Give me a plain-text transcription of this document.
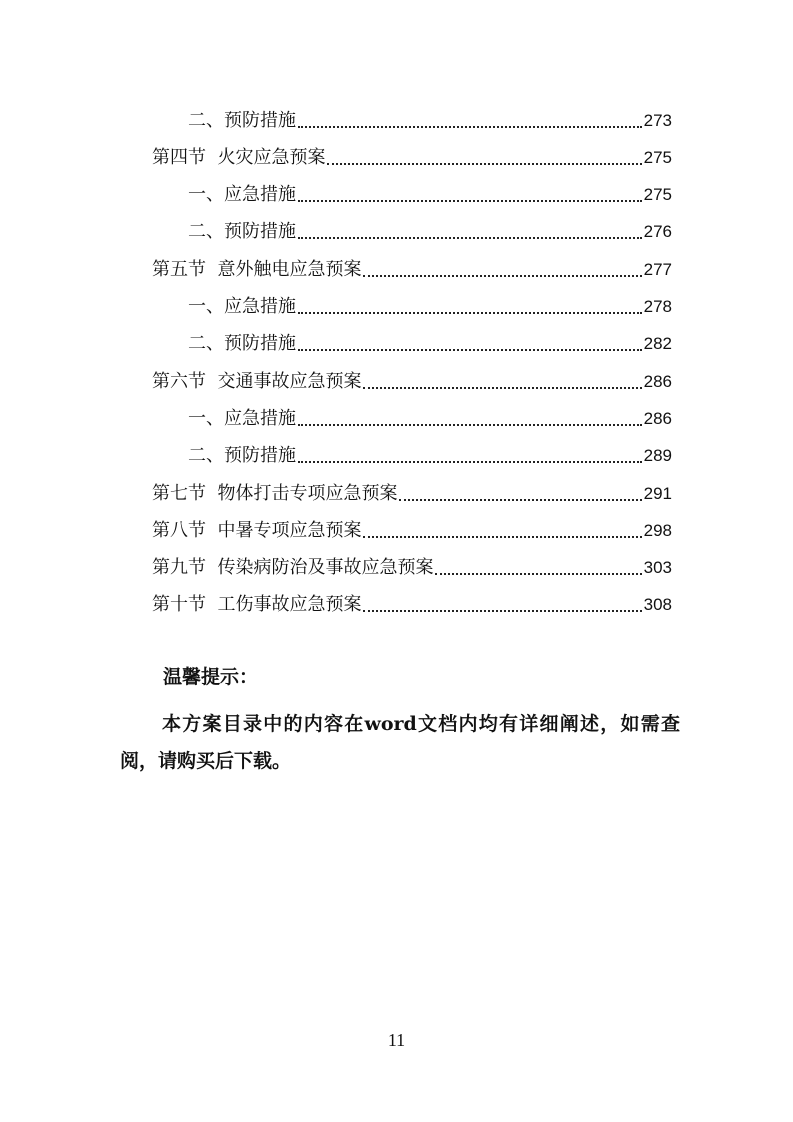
二、预防措施	273
第四节  火灾应急预案	275
一、应急措施	275
二、预防措施	276
第五节  意外触电应急预案	277
一、应急措施	278
二、预防措施	282
第六节  交通事故应急预案	286
一、应急措施	286
二、预防措施	289
第七节  物体打击专项应急预案	291
第八节  中暑专项应急预案	298
第九节  传染病防治及事故应急预案	303
第十节  工伤事故应急预案	308
温馨提示：
本方案目录中的内容在word文档内均有详细阐述，如需查阅，请购买后下载。
11
